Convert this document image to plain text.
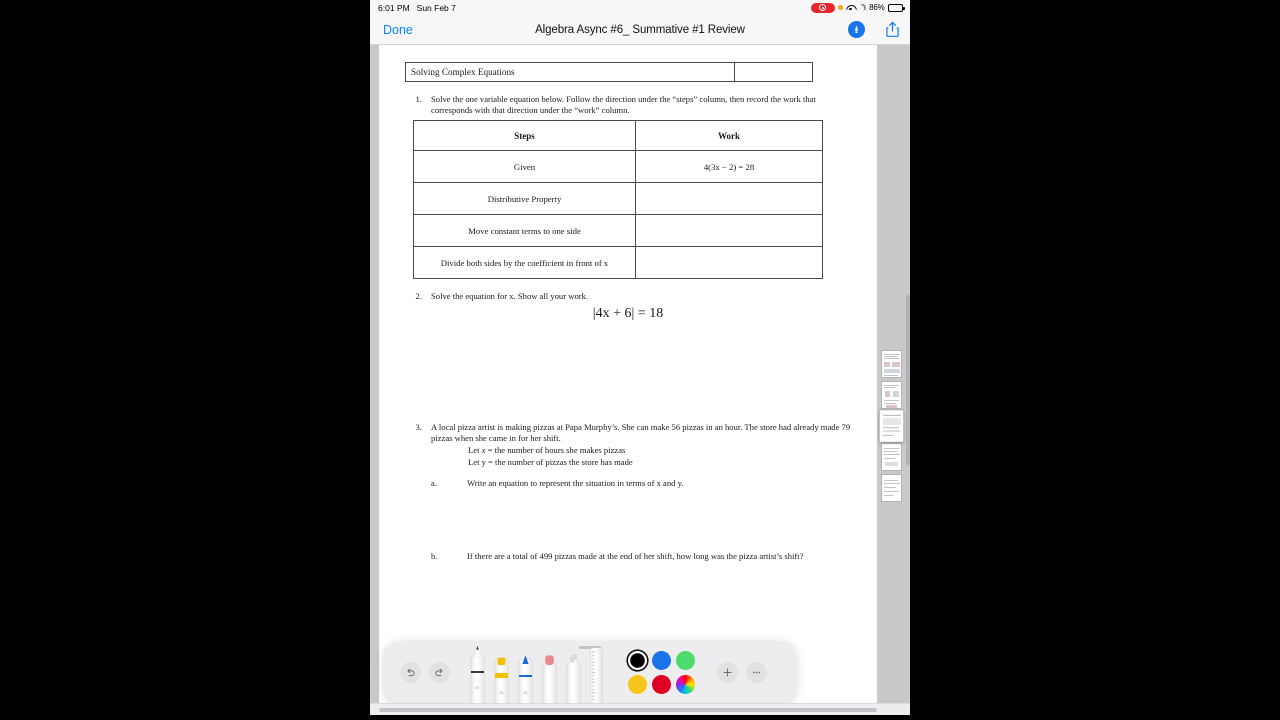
6:01 PM Sun Feb 7	86%
Done	Algebra Async #6_ Summative #1 Review
Solving Complex Equations	
1.	Solve the one variable equation below. Follow the direction under the “steps” column, then record the work that corresponds with that direction under the “work” column.
Steps	Work
Given	4(3x − 2) = 28
Distributive Property	
Move constant terms to one side	
Divide both sides by the coefficient in front of x	
2.	Solve the equation for x. Show all your work.
|4x + 6| = 18
3.	A local pizza artist is making pizzas at Papa Murphy’s. She can make 56 pizzas in an hour. The store had already made 79 pizzas when she came in for her shift.
Let x = the number of hours she makes pizzas
Let y = the number of pizzas the store has made
a.	Write an equation to represent the situation in terms of x and y.
b.	If there are a total of 499 pizzas made at the end of her shift, how long was the pizza artist’s shift?
87
83	60
